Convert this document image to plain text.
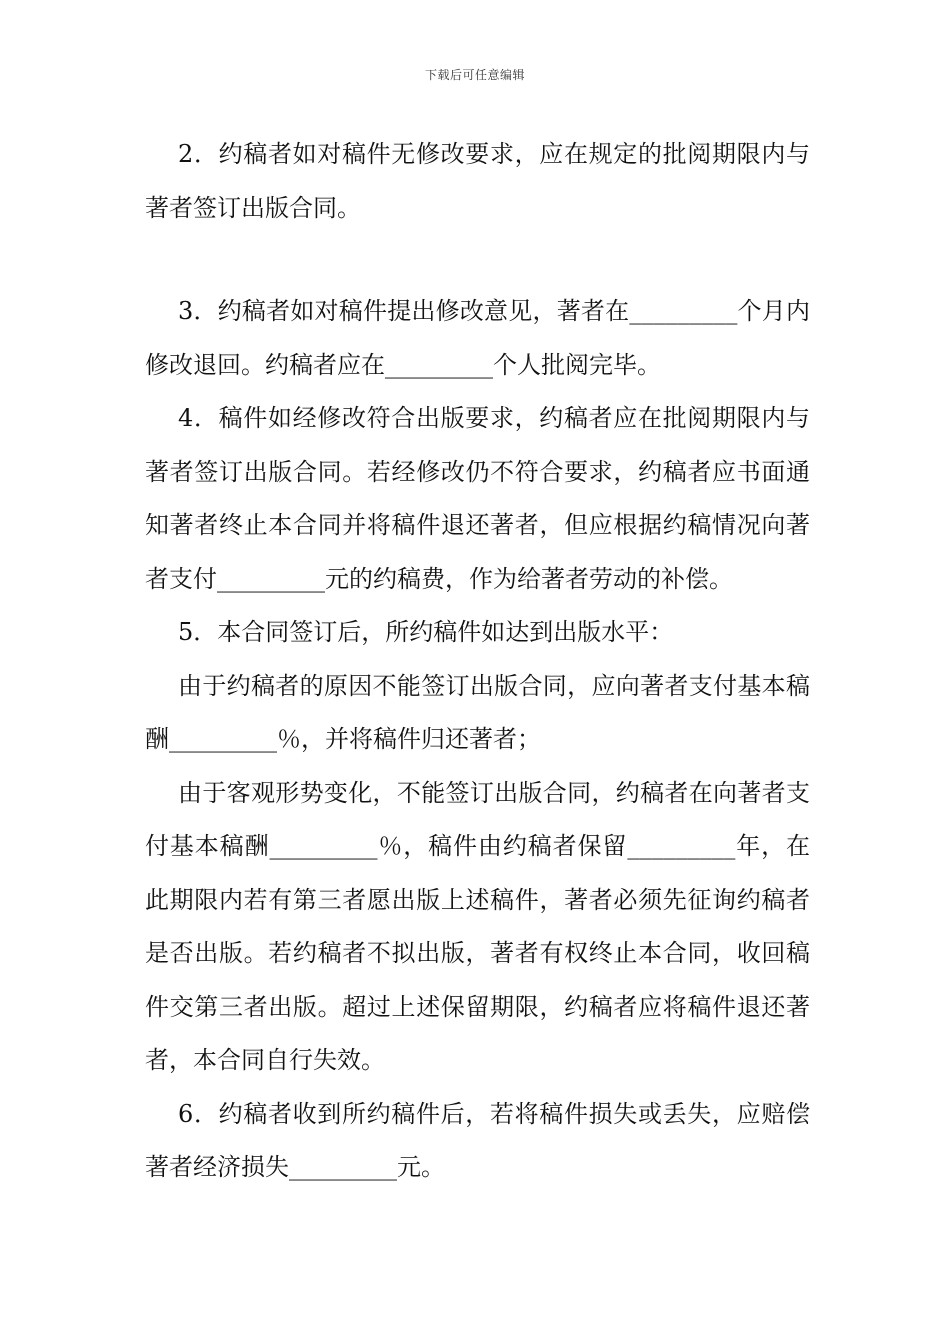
下载后可任意编辑

2．约稿者如对稿件无修改要求，应在规定的批阅期限内与著者签订出版合同。

3．约稿者如对稿件提出修改意见，著者在_________个月内修改退回。约稿者应在_________个人批阅完毕。

4．稿件如经修改符合出版要求，约稿者应在批阅期限内与著者签订出版合同。若经修改仍不符合要求，约稿者应书面通知著者终止本合同并将稿件退还著者，但应根据约稿情况向著者支付_________元的约稿费，作为给著者劳动的补偿。

5．本合同签订后，所约稿件如达到出版水平：

由于约稿者的原因不能签订出版合同，应向著者支付基本稿酬_________％，并将稿件归还著者；

由于客观形势变化，不能签订出版合同，约稿者在向著者支付基本稿酬_________％，稿件由约稿者保留_________年，在此期限内若有第三者愿出版上述稿件，著者必须先征询约稿者是否出版。若约稿者不拟出版，著者有权终止本合同，收回稿件交第三者出版。超过上述保留期限，约稿者应将稿件退还著者，本合同自行失效。

6．约稿者收到所约稿件后，若将稿件损失或丢失，应赔偿著者经济损失_________元。
